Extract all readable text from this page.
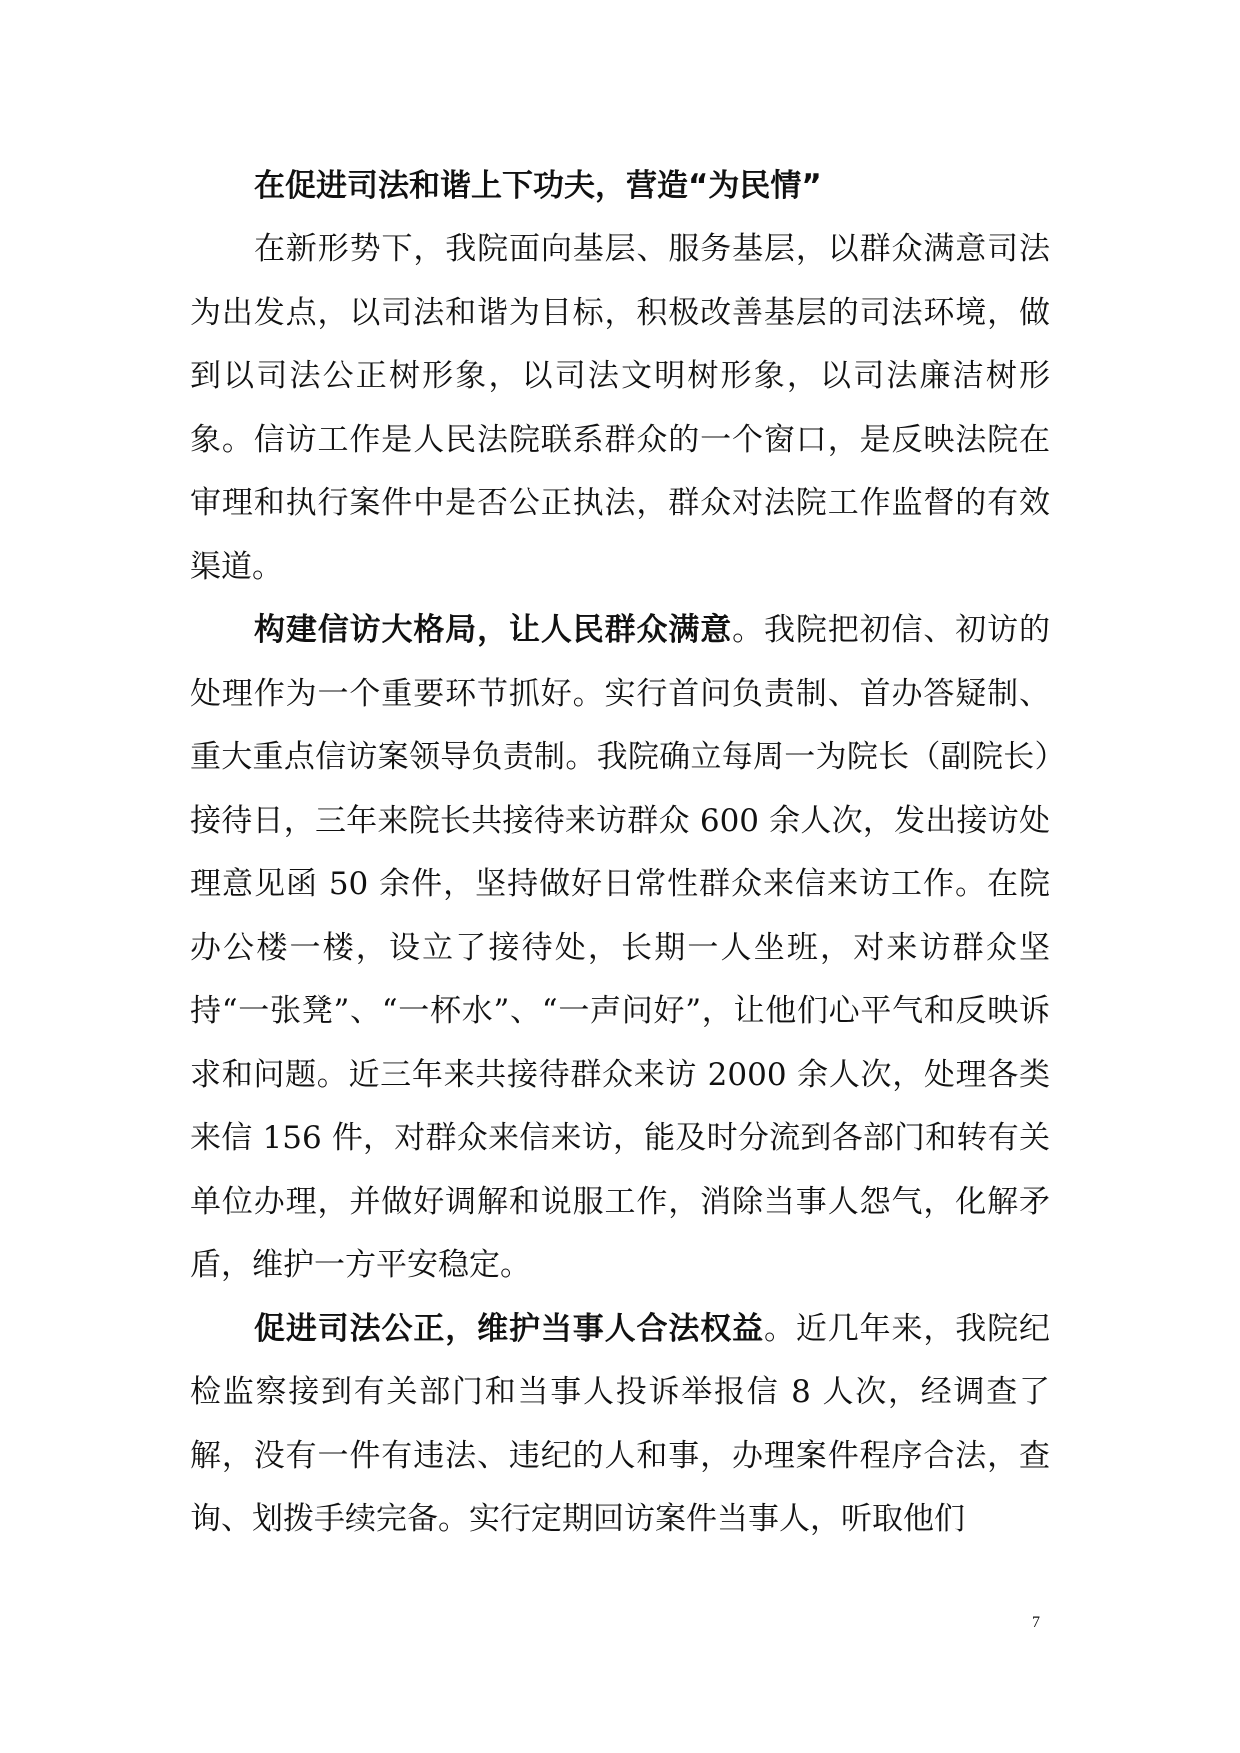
在促进司法和谐上下功夫，营造“为民情”

在新形势下，我院面向基层、服务基层，以群众满意司法为出发点，以司法和谐为目标，积极改善基层的司法环境，做到以司法公正树形象，以司法文明树形象，以司法廉洁树形象。信访工作是人民法院联系群众的一个窗口，是反映法院在审理和执行案件中是否公正执法，群众对法院工作监督的有效渠道。

构建信访大格局，让人民群众满意。我院把初信、初访的处理作为一个重要环节抓好。实行首问负责制、首办答疑制、重大重点信访案领导负责制。我院确立每周一为院长（副院长）接待日，三年来院长共接待来访群众 600 余人次，发出接访处理意见函 50 余件，坚持做好日常性群众来信来访工作。在院办公楼一楼，设立了接待处，长期一人坐班，对来访群众坚持“一张凳”、“一杯水”、“一声问好”，让他们心平气和反映诉求和问题。近三年来共接待群众来访 2000 余人次，处理各类来信 156 件，对群众来信来访，能及时分流到各部门和转有关单位办理，并做好调解和说服工作，消除当事人怨气，化解矛盾，维护一方平安稳定。

促进司法公正，维护当事人合法权益。近几年来，我院纪检监察接到有关部门和当事人投诉举报信 8 人次，经调查了解，没有一件有违法、违纪的人和事，办理案件程序合法，查询、划拨手续完备。实行定期回访案件当事人，听取他们

7
